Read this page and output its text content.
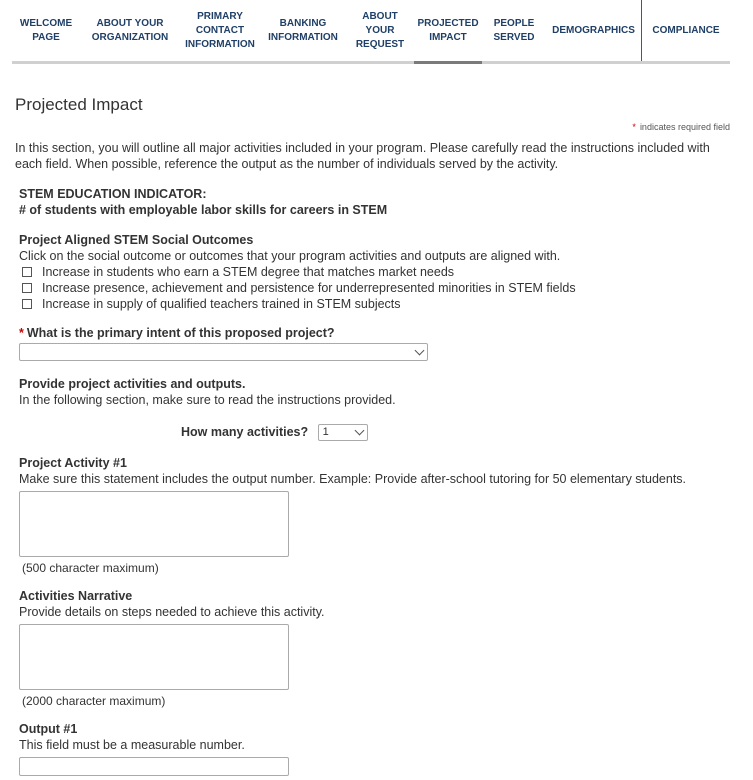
WELCOME
PAGE
ABOUT YOUR
ORGANIZATION
PRIMARY
CONTACT
INFORMATION
BANKING
INFORMATION
ABOUT
YOUR
REQUEST
PROJECTED
IMPACT
PEOPLE
SERVED
DEMOGRAPHICS COMPLIANCE
Projected Impact
* indicates required field
In this section, you will outline all major activities included in your program. Please carefully read the instructions included with each field. When possible, reference the output as the number of individuals served by the activity.
STEM EDUCATION INDICATOR:
# of students with employable labor skills for careers in STEM
Project Aligned STEM Social Outcomes
Click on the social outcome or outcomes that your program activities and outputs are aligned with.
Increase in students who earn a STEM degree that matches market needs
Increase presence, achievement and persistence for underrepresented minorities in STEM fields
Increase in supply of qualified teachers trained in STEM subjects
* What is the primary intent of this proposed project?
Provide project activities and outputs.
In the following section, make sure to read the instructions provided.
How many activities? 1
Project Activity #1
Make sure this statement includes the output number. Example: Provide after-school tutoring for 50 elementary students.
(500 character maximum)
Activities Narrative
Provide details on steps needed to achieve this activity.
(2000 character maximum)
Output #1
This field must be a measurable number.
